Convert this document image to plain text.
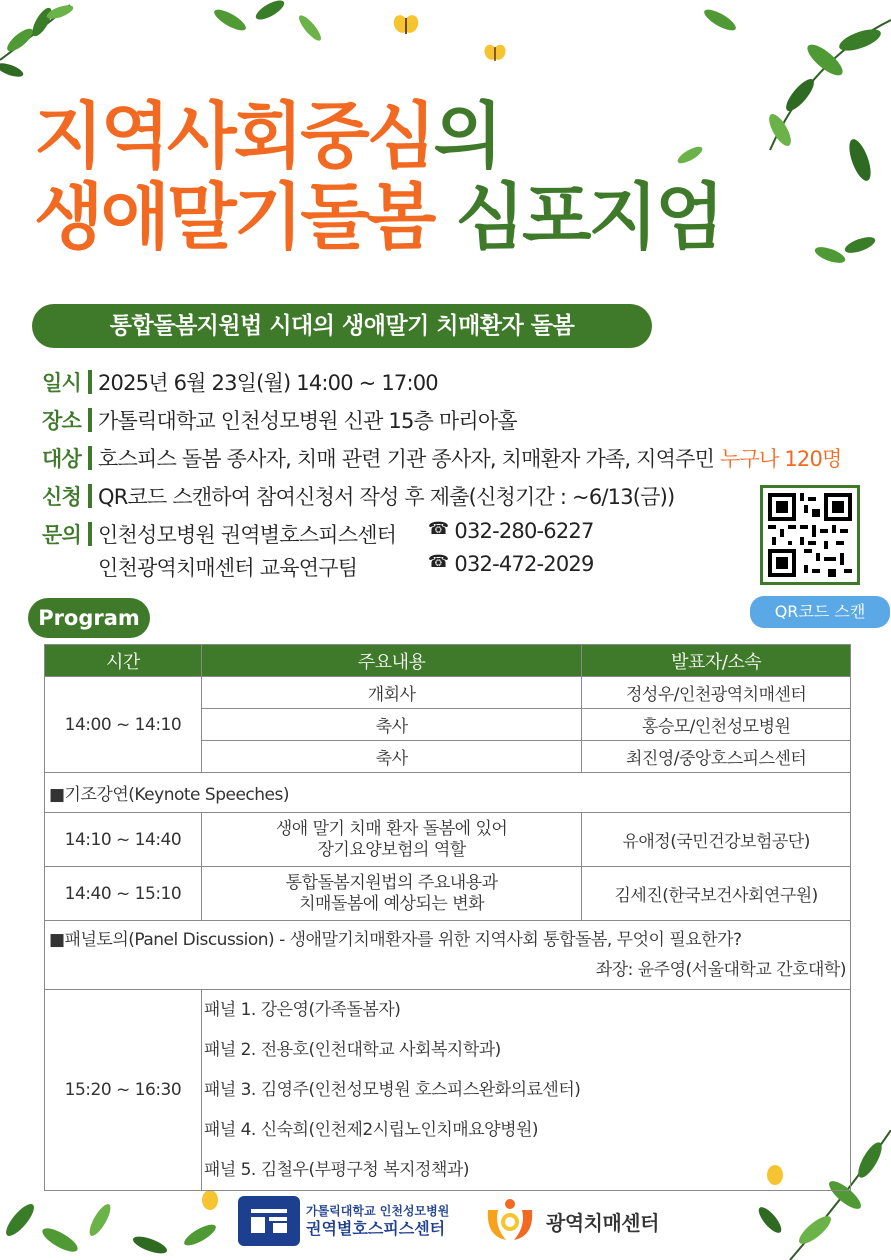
지역사회중심의
생애말기돌봄 심포지엄
통합돌봄지원법 시대의 생애말기 치매환자 돌봄
일시 2025년 6월 23일(월) 14:00 ~ 17:00
장소 가톨릭대학교 인천성모병원 신관 15층 마리아홀
대상 호스피스 돌봄 종사자, 치매 관련 기관 종사자, 치매환자 가족, 지역주민 누구나 120명
신청 QR코드 스캔하여 참여신청서 작성 후 제출(신청기간 : ~6/13(금))
문의 인천성모병원 권역별호스피스센터	☎ 032-280-6227
인천광역치매센터 교육연구팀	☎ 032-472-2029
QR코드 스캔
Program
시간	주요내용	발표자/소속
14:00 ~ 14:10	개회사	정성우/인천광역치매센터
	축사	홍승모/인천성모병원
	축사	최진영/중앙호스피스센터
■기조강연(Keynote Speeches)		
14:10 ~ 14:40	생애 말기 치매 환자 돌봄에 있어
장기요양보험의 역할	유애정(국민건강보험공단)
14:40 ~ 15:10	통합돌봄지원법의 주요내용과
치매돌봄에 예상되는 변화	김세진(한국보건사회연구원)
■패널토의(Panel Discussion) - 생애말기치매환자를 위한 지역사회 통합돌봄, 무엇이 필요한가?
좌장: 윤주영(서울대학교 간호대학)		

15:20 ~ 16:30	패널 1. 강은영(가족돌봄자)
패널 2. 전용호(인천대학교 사회복지학과)
패널 3. 김영주(인천성모병원 호스피스완화의료센터)
패널 4. 신숙희(인천제2시립노인치매요양병원)
패널 5. 김철우(부평구청 복지정책과)	
가톨릭대학교 인천성모병원
권역별호스피스센터	광역치매센터
